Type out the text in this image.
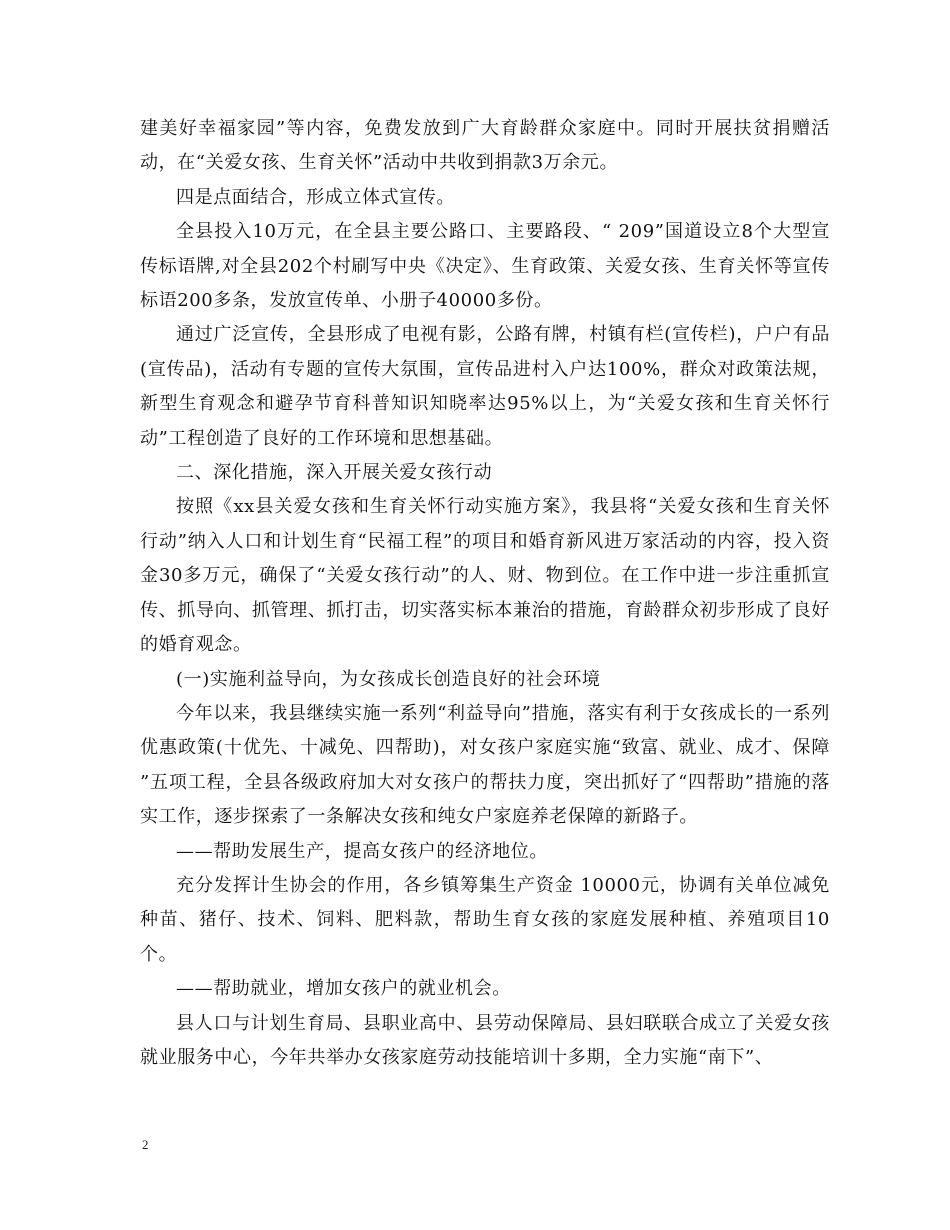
建美好幸福家园”等内容，免费发放到广大育龄群众家庭中。同时开展扶贫捐赠活动，在“关爱女孩、生育关怀”活动中共收到捐款3万余元。

四是点面结合，形成立体式宣传。

全县投入10万元，在全县主要公路口、主要路段、“ 209”国道设立8个大型宣传标语牌,对全县202个村刷写中央《决定》、生育政策、关爱女孩、生育关怀等宣传标语200多条，发放宣传单、小册子40000多份。

通过广泛宣传，全县形成了电视有影，公路有牌，村镇有栏(宣传栏)，户户有品(宣传品)，活动有专题的宣传大氛围，宣传品进村入户达100%，群众对政策法规，新型生育观念和避孕节育科普知识知晓率达95%以上，为“关爱女孩和生育关怀行动”工程创造了良好的工作环境和思想基础。

二、深化措施，深入开展关爱女孩行动

按照《xx县关爱女孩和生育关怀行动实施方案》，我县将“关爱女孩和生育关怀行动”纳入人口和计划生育“民福工程”的项目和婚育新风进万家活动的内容，投入资金30多万元，确保了“关爱女孩行动”的人、财、物到位。在工作中进一步注重抓宣传、抓导向、抓管理、抓打击，切实落实标本兼治的措施，育龄群众初步形成了良好的婚育观念。

(一)实施利益导向，为女孩成长创造良好的社会环境

今年以来，我县继续实施一系列“利益导向”措施，落实有利于女孩成长的一系列优惠政策(十优先、十减免、四帮助)，对女孩户家庭实施“致富、就业、成才、保障 ”五项工程，全县各级政府加大对女孩户的帮扶力度，突出抓好了“四帮助”措施的落实工作，逐步探索了一条解决女孩和纯女户家庭养老保障的新路子。

——帮助发展生产，提高女孩户的经济地位。

充分发挥计生协会的作用，各乡镇筹集生产资金 10000元，协调有关单位减免种苗、猪仔、技术、饲料、肥料款，帮助生育女孩的家庭发展种植、养殖项目10个。

——帮助就业，增加女孩户的就业机会。

县人口与计划生育局、县职业高中、县劳动保障局、县妇联联合成立了关爱女孩就业服务中心，今年共举办女孩家庭劳动技能培训十多期，全力实施“南下”、

2
